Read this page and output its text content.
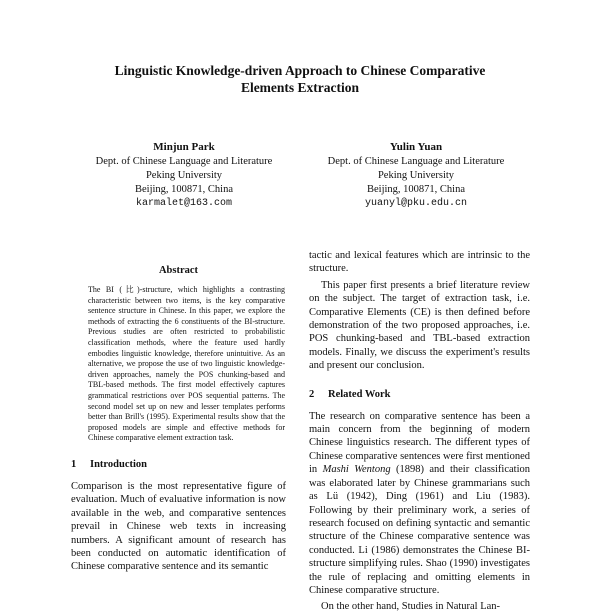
Linguistic Knowledge-driven Approach to Chinese Comparative
Elements Extraction
Minjun Park
Dept. of Chinese Language and Literature
Peking University
Beijing, 100871, China
karmalet@163.com
Yulin Yuan
Dept. of Chinese Language and Literature
Peking University
Beijing, 100871, China
yuanyl@pku.edu.cn
Abstract

The BI (比)-structure, which highlights a contrasting characteristic between two items, is the key comparative sentence structure in Chinese. In this paper, we explore the methods of extracting the 6 constituents of the BI-structure. Previous studies are often restricted to probabilistic classification methods, where the feature used hardly embodies linguistic knowledge, therefore unintuitive. As an alternative, we propose the use of two linguistic knowledge-driven approaches, namely the POS chunking-based and TBL-based methods. The first model effectively captures grammatical restrictions over POS sequential patterns. The second model set up on new and lesser templates performs better than Brill's (1995). Experimental results show that the proposed models are simple and effective methods for Chinese comparative element extraction task.

1 Introduction

Comparison is the most representative figure of evaluation. Much of evaluative information is now available in the web, and comparative sentences prevail in Chinese web texts in increasing numbers. A significant amount of research has been conducted on automatic identification of Chinese comparative sentence and its semantic

tactic and lexical features which are intrinsic to the structure.

This paper first presents a brief literature review on the subject. The target of extraction task, i.e. Comparative Elements (CE) is then defined before demonstration of the two proposed approaches, i.e. POS chunking-based and TBL-based extraction models. Finally, we discuss the experiment's results and present our conclusion.

2 Related Work

The research on comparative sentence has been a main concern from the beginning of modern Chinese linguistics research. The different types of Chinese comparative sentences were first mentioned in Mashi Wentong (1898) and their classification was elaborated later by Chinese grammarians such as Lü (1942), Ding (1961) and Liu (1983). Following by their preliminary work, a series of research focused on defining syntactic and semantic structure of the Chinese comparative sentence was conducted. Li (1986) demonstrates the Chinese BI-structure simplifying rules. Shao (1990) investigates the rule of replacing and omitting elements in Chinese comparative structure.

On the other hand, Studies in Natural Lan-
